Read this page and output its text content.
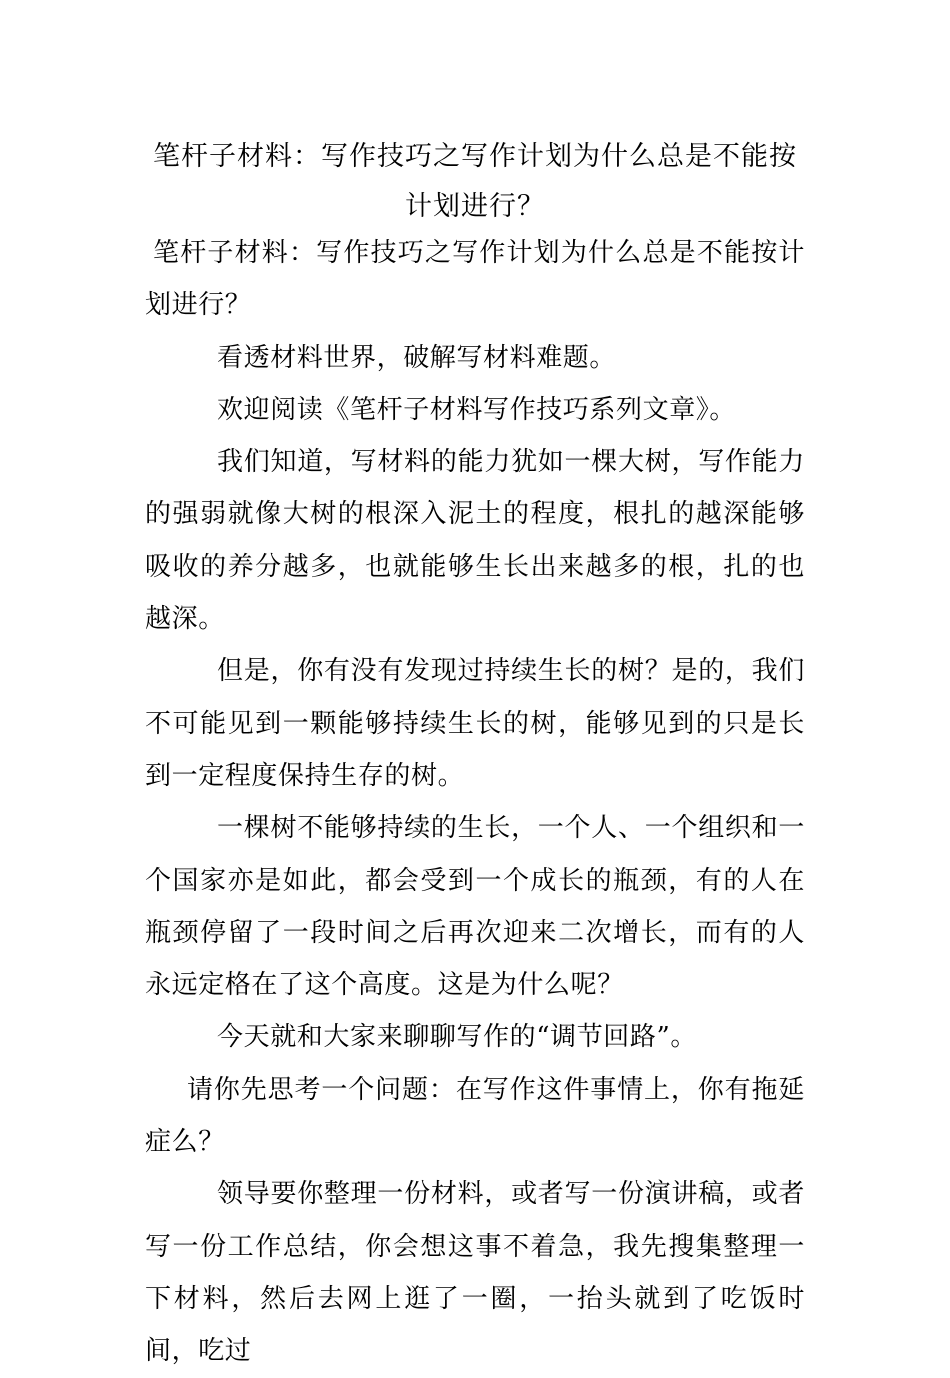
笔杆子材料：写作技巧之写作计划为什么总是不能按计划进行？

笔杆子材料：写作技巧之写作计划为什么总是不能按计划进行？

看透材料世界，破解写材料难题。

欢迎阅读《笔杆子材料写作技巧系列文章》。

我们知道，写材料的能力犹如一棵大树，写作能力的强弱就像大树的根深入泥土的程度，根扎的越深能够吸收的养分越多，也就能够生长出来越多的根，扎的也越深。

但是，你有没有发现过持续生长的树？是的，我们不可能见到一颗能够持续生长的树，能够见到的只是长到一定程度保持生存的树。

一棵树不能够持续的生长，一个人、一个组织和一个国家亦是如此，都会受到一个成长的瓶颈，有的人在瓶颈停留了一段时间之后再次迎来二次增长，而有的人永远定格在了这个高度。这是为什么呢？

今天就和大家来聊聊写作的“调节回路”。

请你先思考一个问题：在写作这件事情上，你有拖延症么？

领导要你整理一份材料，或者写一份演讲稿，或者写一份工作总结，你会想这事不着急，我先搜集整理一下材料，然后去网上逛了一圈，一抬头就到了吃饭时间，吃过
